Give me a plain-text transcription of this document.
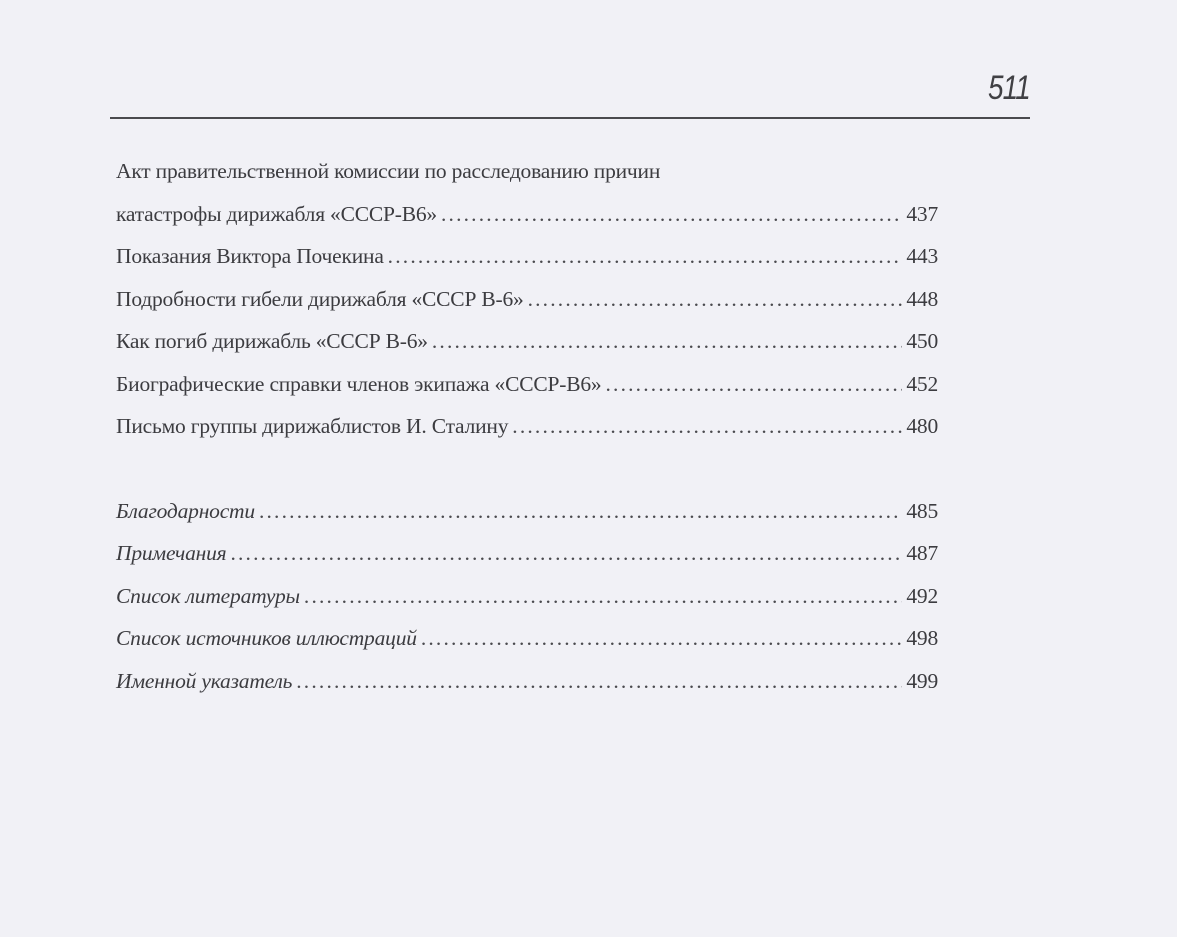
511
Акт правительственной комиссии по расследованию причин
катастрофы дирижабля «СССР-В6» . . .	437
Показания Виктора Почекина . . .	443
Подробности гибели дирижабля «СССР В-6» . . .	448
Как погиб дирижабль «СССР В-6» . . .	450
Биографические справки членов экипажа «СССР-В6» . . .	452
Письмо группы дирижаблистов И. Сталину . . .	480
Благодарности . . .	485
Примечания . . .	487
Список литературы . . .	492
Список источников иллюстраций . . .	498
Именной указатель . . .	499
